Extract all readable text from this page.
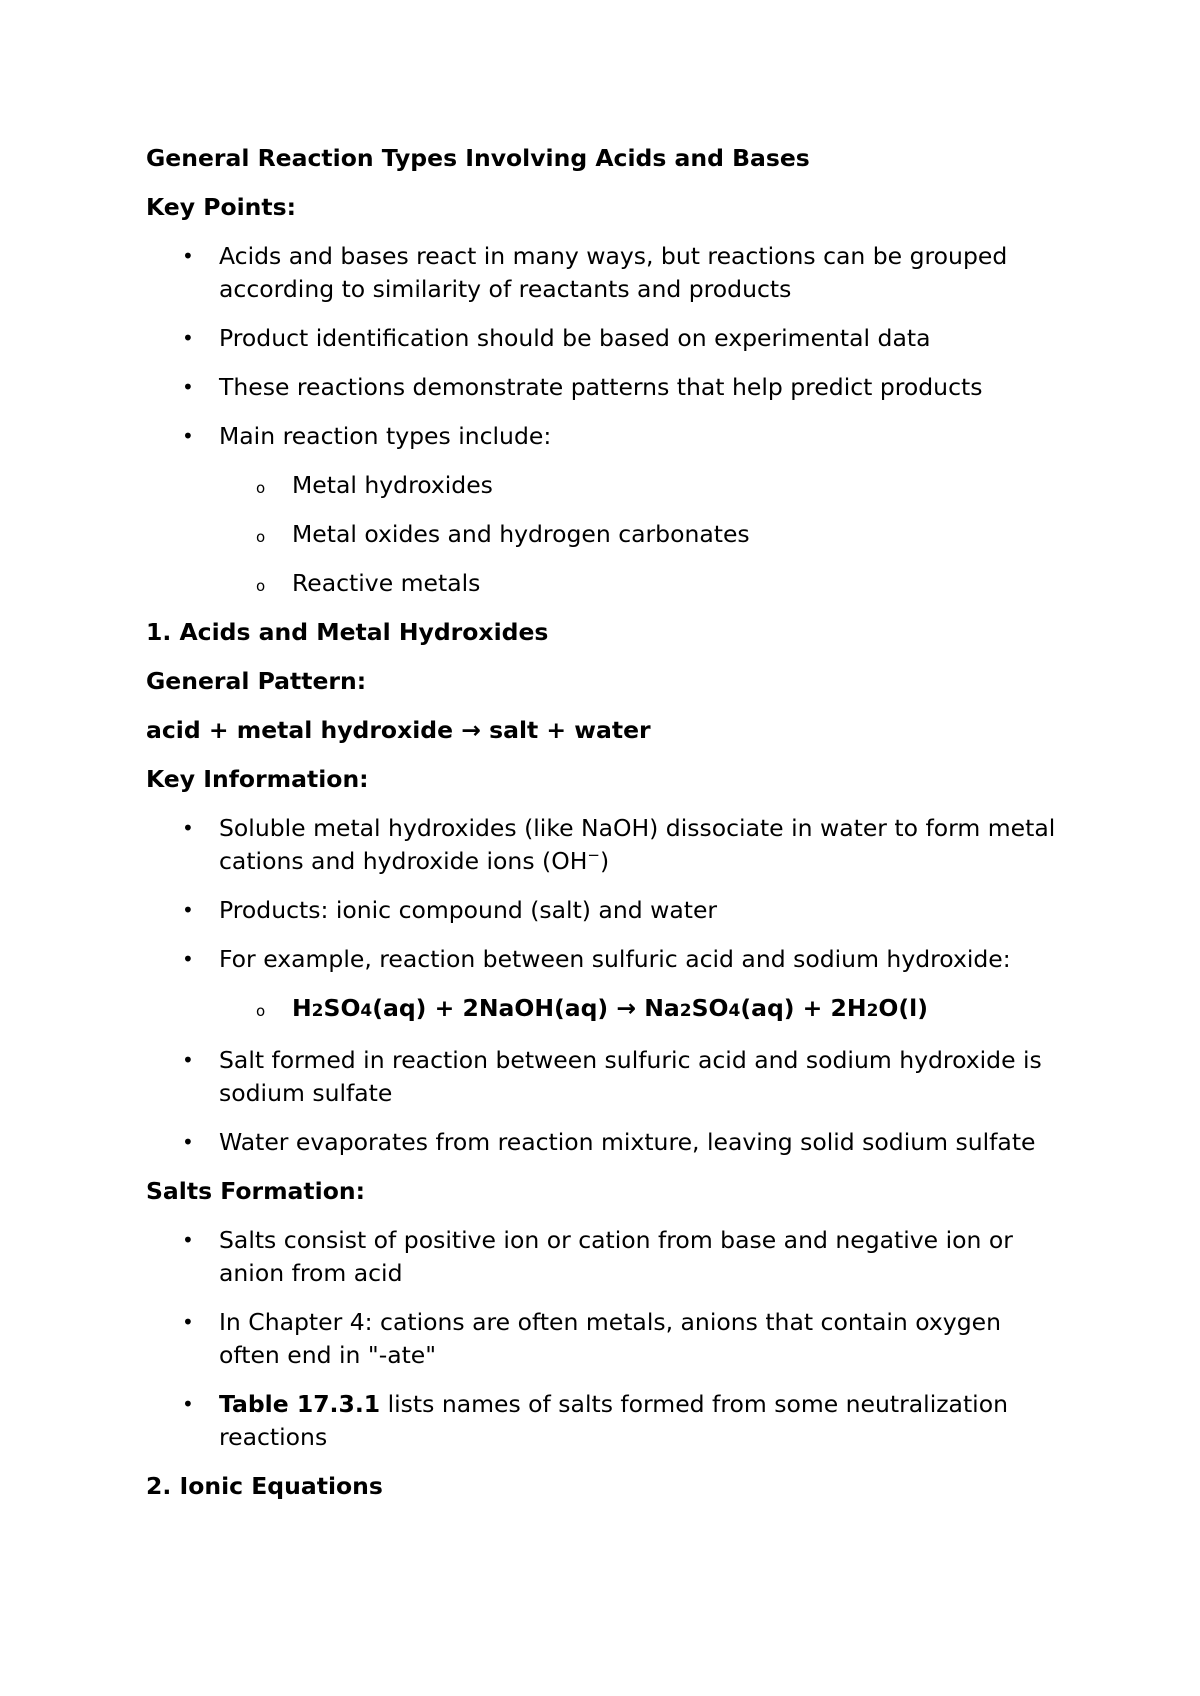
General Reaction Types Involving Acids and Bases
Key Points:
• Acids and bases react in many ways, but reactions can be grouped according to similarity of reactants and products
• Product identification should be based on experimental data
• These reactions demonstrate patterns that help predict products
• Main reaction types include:
o Metal hydroxides
o Metal oxides and hydrogen carbonates
o Reactive metals
1. Acids and Metal Hydroxides
General Pattern:
acid + metal hydroxide → salt + water
Key Information:
• Soluble metal hydroxides (like NaOH) dissociate in water to form metal cations and hydroxide ions (OH−)
• Products: ionic compound (salt) and water
• For example, reaction between sulfuric acid and sodium hydroxide:
o H2SO4(aq) + 2NaOH(aq) → Na2SO4(aq) + 2H2O(l)
• Salt formed in reaction between sulfuric acid and sodium hydroxide is sodium sulfate
• Water evaporates from reaction mixture, leaving solid sodium sulfate
Salts Formation:
• Salts consist of positive ion or cation from base and negative ion or anion from acid
• In Chapter 4: cations are often metals, anions that contain oxygen often end in "-ate"
• Table 17.3.1 lists names of salts formed from some neutralization reactions
2. Ionic Equations
